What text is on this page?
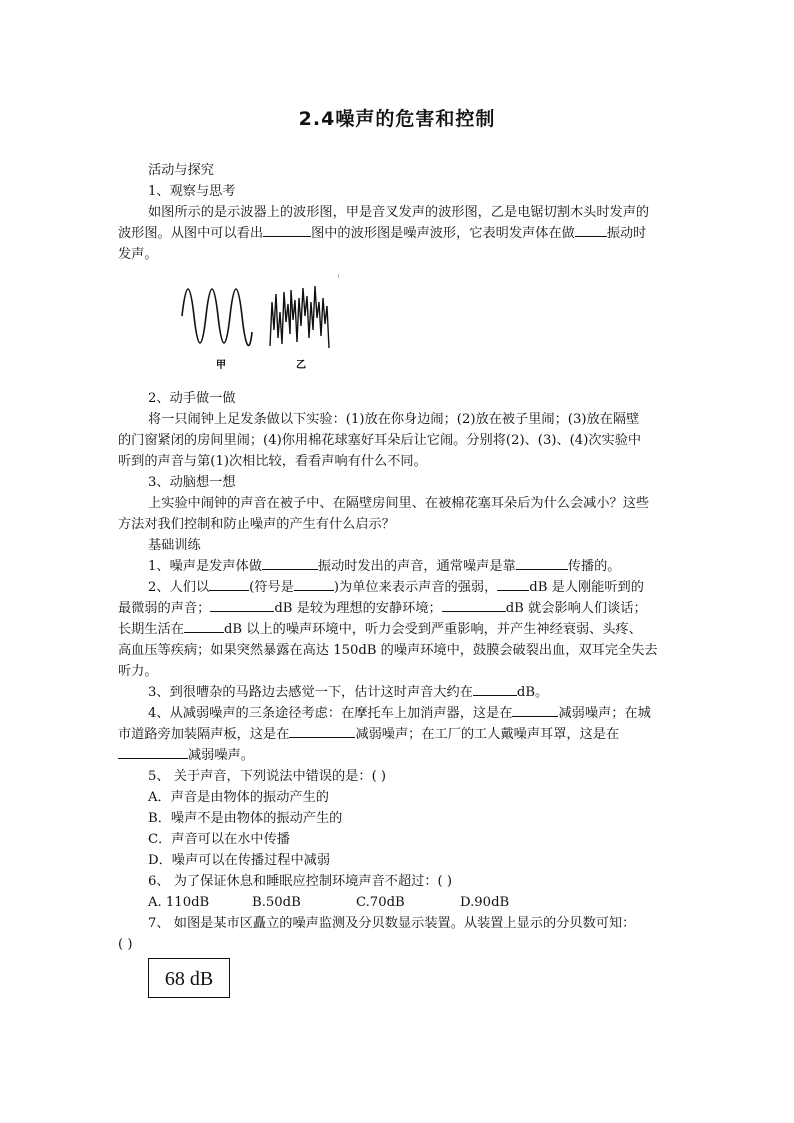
2.4噪声的危害和控制
活动与探究
1、观察与思考
如图所示的是示波器上的波形图，甲是音叉发声的波形图，乙是电锯切割木头时发声的
波形图。从图中可以看出	图中的波形图是噪声波形，它表明发声体在做 振动时
发声。
甲	乙
2、动手做一做
将一只闹钟上足发条做以下实验：(1)放在你身边闹；(2)放在被子里闹；(3)放在隔壁
的门窗紧闭的房间里闹；(4)你用棉花球塞好耳朵后让它闹。分别将(2)、(3)、(4)次实验中
听到的声音与第(1)次相比较，看看声响有什么不同。
3、动脑想一想
上实验中闹钟的声音在被子中、在隔壁房间里、在被棉花塞耳朵后为什么会减小？这些
方法对我们控制和防止噪声的产生有什么启示？
基础训练
1、噪声是发声体做	振动时发出的声音，通常噪声是靠	传播的。
2、人们以	(符号是	)为单位来表示声音的强弱， dB 是人刚能听到的
最微弱的声音；	dB 是较为理想的安静环境；	dB 就会影响人们谈话；
长期生活在	dB 以上的噪声环境中，听力会受到严重影响，并产生神经衰弱、头疼、
高血压等疾病；如果突然暴露在高达 150dB 的噪声环境中，鼓膜会破裂出血，双耳完全失去
听力。
3、到很嘈杂的马路边去感觉一下，估计这时声音大约在	dB。
4、从减弱噪声的三条途径考虑：在摩托车上加消声器，这是在	减弱噪声；在城
市道路旁加装隔声板，这是在	减弱噪声；在工厂的工人戴噪声耳罩，这是在
减弱噪声。
5、 关于声音，下列说法中错误的是：( )
A．声音是由物体的振动产生的
B．噪声不是由物体的振动产生的
C．声音可以在水中传播
D．噪声可以在传播过程中减弱
6、 为了保证休息和睡眠应控制环境声音不超过：( )
A. 110dB	B.50dB	C.70dB	D.90dB
7、 如图是某市区矗立的噪声监测及分贝数显示装置。从装置上显示的分贝数可知：
( )
68 dB
